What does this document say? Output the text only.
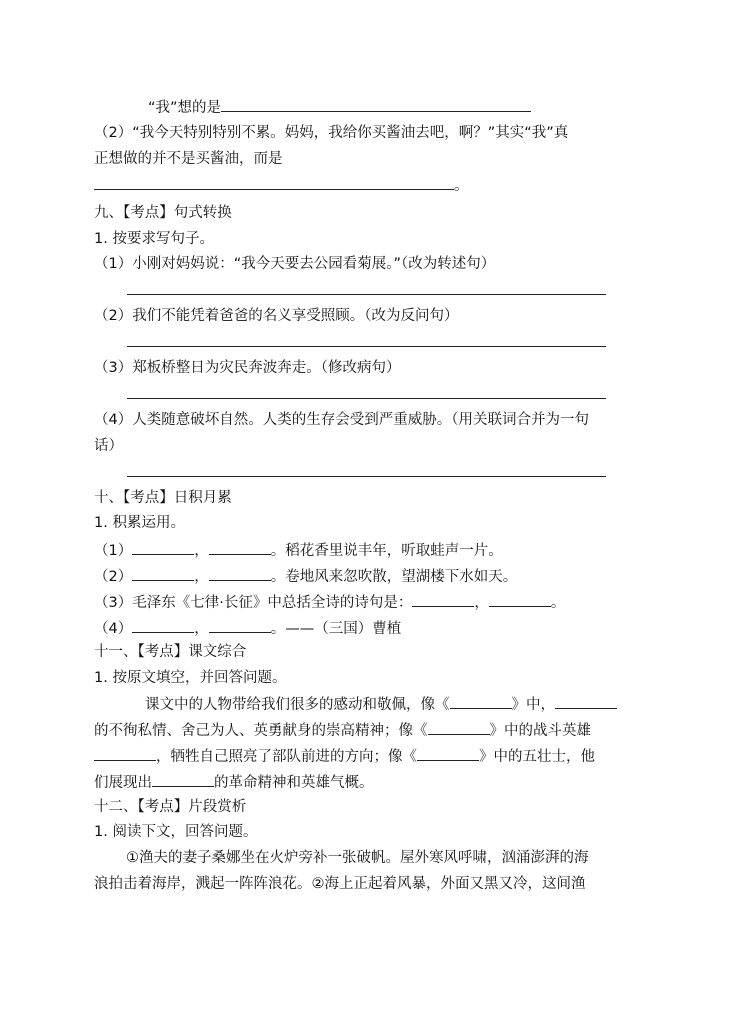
“我”想的是
（2）“我今天特别特别不累。妈妈，我给你买酱油去吧，啊？”其实“我”真
正想做的并不是买酱油，而是
。
九、【考点】句式转换
1. 按要求写句子。
（1）小刚对妈妈说：“我今天要去公园看菊展。”（改为转述句）
（2）我们不能凭着爸爸的名义享受照顾。（改为反问句）
（3）郑板桥整日为灾民奔波奔走。（修改病句）
（4）人类随意破坏自然。人类的生存会受到严重威胁。（用关联词合并为一句
话）
十、【考点】日积月累
1. 积累运用。
（1）	，	。稻花香里说丰年，听取蛙声一片。
（2）	，	。卷地风来忽吹散，望湖楼下水如天。
（3）毛泽东《七律·长征》中总括全诗的诗句是：	，	。
（4）	，	。——（三国）曹植
十一、【考点】课文综合
1. 按原文填空，并回答问题。
课文中的人物带给我们很多的感动和敬佩，像《	》中，
的不徇私情、舍己为人、英勇献身的崇高精神；像《	》中的战斗英雄
，牺牲自己照亮了部队前进的方向；像《	》中的五壮士，他
们展现出	的革命精神和英雄气概。
十二、【考点】片段赏析
1. 阅读下文，回答问题。
①渔夫的妻子桑娜坐在火炉旁补一张破帆。屋外寒风呼啸，汹涌澎湃的海
浪拍击着海岸，溅起一阵阵浪花。②海上正起着风暴，外面又黑又冷，这间渔
